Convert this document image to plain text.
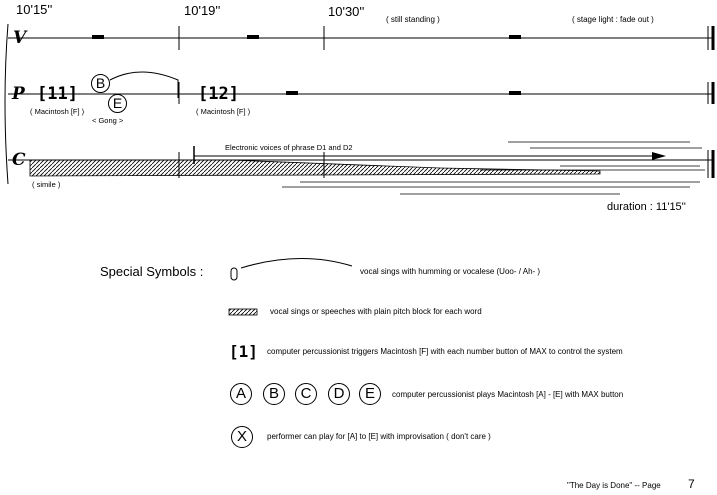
10'15''	10'19''	10'30''
( still standing )	( stage light : fade out )
V
P
C
[11]
( Macintosh [F] )
B
E
< Gong >
[12]
( Macintosh [F] )
Electronic voices of phrase D1 and D2
( simile )
duration : 11'15''
Special Symbols :	vocal sings with humming or vocalese (Uoo- / Ah- )
vocal sings or speeches with plain pitch block for each word
[1] computer percussionist triggers Macintosh [F] with each number button of MAX to control the system
A	B	C	D	E	computer percussionist plays Macintosh [A] - [E] with MAX button
X	performer can play for [A] to [E] with improvisation ( don't care )
"The Day is Done" -- Page 7
